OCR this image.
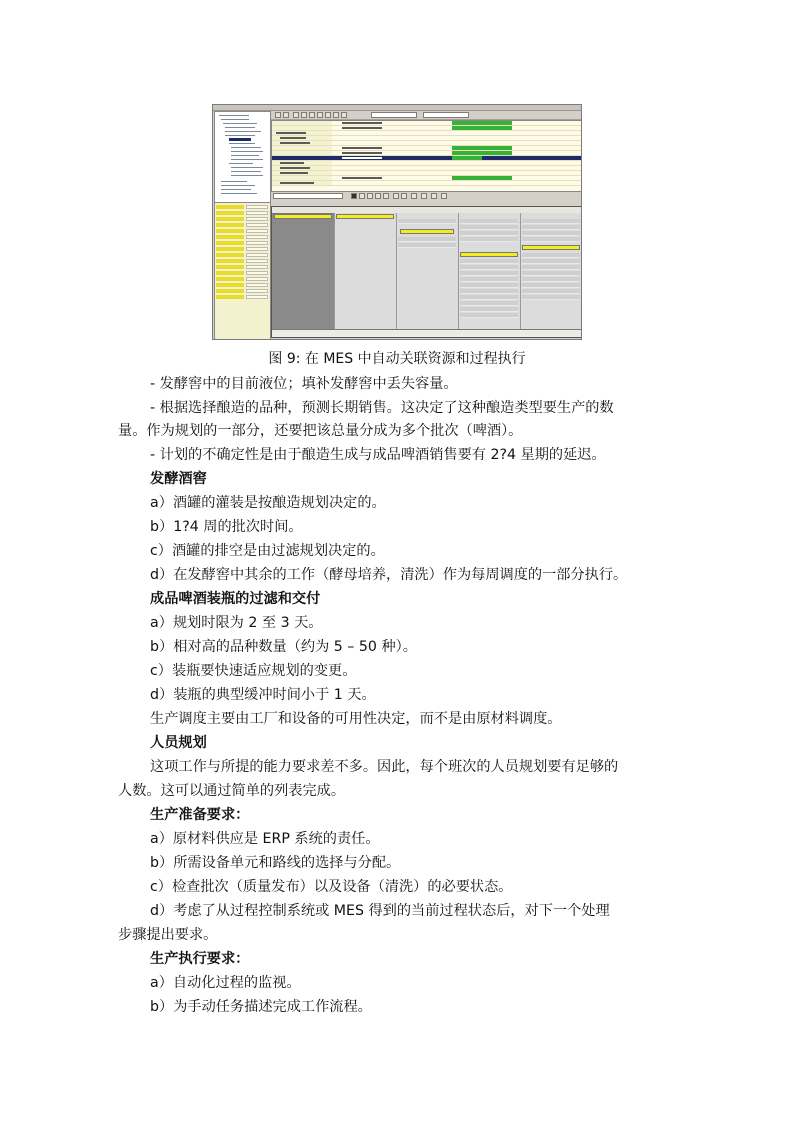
图 9: 在 MES 中自动关联资源和过程执行
- 发酵窖中的目前液位；填补发酵窖中丢失容量。
- 根据选择酿造的品种，预测长期销售。这决定了这种酿造类型要生产的数
量。作为规划的一部分，还要把该总量分成为多个批次（啤酒）。
- 计划的不确定性是由于酿造生成与成品啤酒销售要有 2?4 星期的延迟。
发酵酒窖
a）酒罐的灌装是按酿造规划决定的。
b）1?4 周的批次时间。
c）酒罐的排空是由过滤规划决定的。
d）在发酵窖中其余的工作（酵母培养，清洗）作为每周调度的一部分执行。
成品啤酒装瓶的过滤和交付
a）规划时限为 2 至 3 天。
b）相对高的品种数量（约为 5 – 50 种）。
c）装瓶要快速适应规划的变更。
d）装瓶的典型缓冲时间小于 1 天。
生产调度主要由工厂和设备的可用性决定，而不是由原材料调度。
人员规划
这项工作与所提的能力要求差不多。因此，每个班次的人员规划要有足够的
人数。这可以通过简单的列表完成。
生产准备要求：
a）原材料供应是 ERP 系统的责任。
b）所需设备单元和路线的选择与分配。
c）检查批次（质量发布）以及设备（清洗）的必要状态。
d）考虑了从过程控制系统或 MES 得到的当前过程状态后，对下一个处理
步骤提出要求。
生产执行要求：
a）自动化过程的监视。
b）为手动任务描述完成工作流程。
